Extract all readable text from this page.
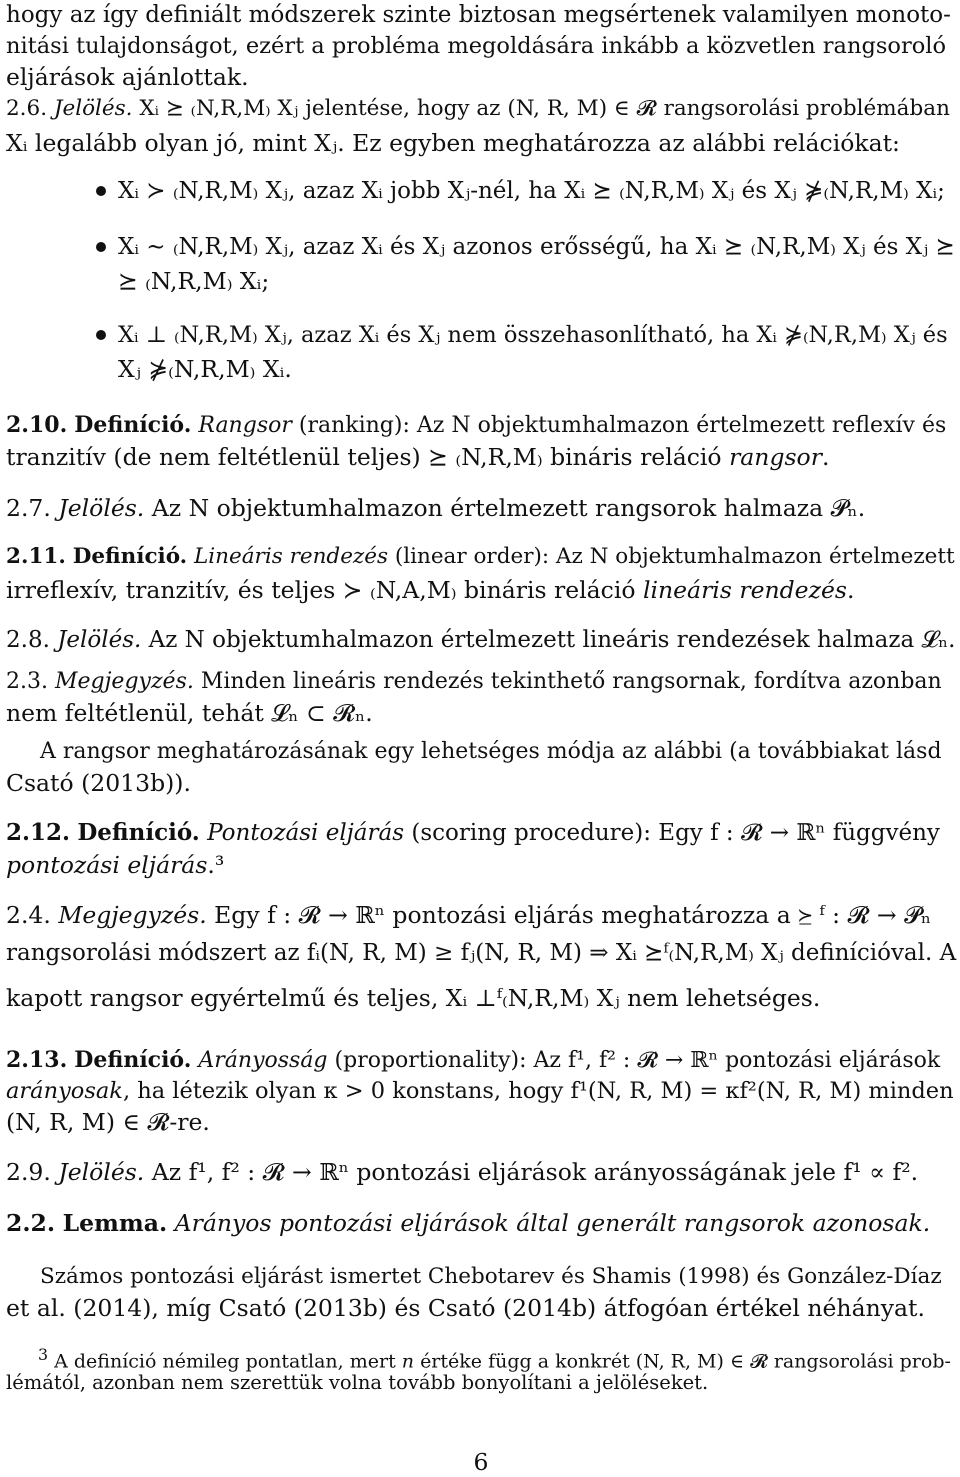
hogy az így definiált módszerek szinte biztosan megsértenek valamilyen monoto-
nitási tulajdonságot, ezért a probléma megoldására inkább a közvetlen rangsoroló
eljárások ajánlottak.
2.6. Jelölés. Xᵢ ⪰ ₍N,R,M₎ Xⱼ jelentése, hogy az (N, R, M) ∈ 𝓡 rangsorolási problémában
Xᵢ legalább olyan jó, mint Xⱼ. Ez egyben meghatározza az alábbi relációkat:
Xᵢ ≻ ₍N,R,M₎ Xⱼ, azaz Xᵢ jobb Xⱼ-nél, ha Xᵢ ⪰ ₍N,R,M₎ Xⱼ és Xⱼ ⋡₍N,R,M₎ Xᵢ;
Xᵢ ∼ ₍N,R,M₎ Xⱼ, azaz Xᵢ és Xⱼ azonos erősségű, ha Xᵢ ⪰ ₍N,R,M₎ Xⱼ és Xⱼ ⪰
⪰ ₍N,R,M₎ Xᵢ;
Xᵢ ⊥ ₍N,R,M₎ Xⱼ, azaz Xᵢ és Xⱼ nem összehasonlítható, ha Xᵢ ⋡₍N,R,M₎ Xⱼ és
Xⱼ ⋡₍N,R,M₎ Xᵢ.
2.10. Definíció. Rangsor (ranking): Az N objektumhalmazon értelmezett reflexív és
tranzitív (de nem feltétlenül teljes) ⪰ ₍N,R,M₎ bináris reláció rangsor.
2.7. Jelölés. Az N objektumhalmazon értelmezett rangsorok halmaza 𝓟ₙ.
2.11. Definíció. Lineáris rendezés (linear order): Az N objektumhalmazon értelmezett
irreflexív, tranzitív, és teljes ≻ ₍N,A,M₎ bináris reláció lineáris rendezés.
2.8. Jelölés. Az N objektumhalmazon értelmezett lineáris rendezések halmaza 𝓛ₙ.
2.3. Megjegyzés. Minden lineáris rendezés tekinthető rangsornak, fordítva azonban
nem feltétlenül, tehát 𝓛ₙ ⊂ 𝓡ₙ.
A rangsor meghatározásának egy lehetséges módja az alábbi (a továbbiakat lásd
Csató (2013b)).
2.12. Definíció. Pontozási eljárás (scoring procedure): Egy f : 𝓡 → ℝⁿ függvény
pontozási eljárás.³
2.4. Megjegyzés. Egy f : 𝓡 → ℝⁿ pontozási eljárás meghatározza a ⪰ ᶠ : 𝓡 → 𝓟ₙ
rangsorolási módszert az fᵢ(N, R, M) ≥ fⱼ(N, R, M) ⇒ Xᵢ ⪰ᶠ₍N,R,M₎ Xⱼ definícióval. A
kapott rangsor egyértelmű és teljes, Xᵢ ⊥ᶠ₍N,R,M₎ Xⱼ nem lehetséges.
2.13. Definíció. Arányosság (proportionality): Az f¹, f² : 𝓡 → ℝⁿ pontozási eljárások
arányosak, ha létezik olyan κ > 0 konstans, hogy f¹(N, R, M) = κf²(N, R, M) minden
(N, R, M) ∈ 𝓡-re.
2.9. Jelölés. Az f¹, f² : 𝓡 → ℝⁿ pontozási eljárások arányosságának jele f¹ ∝ f².
2.2. Lemma. Arányos pontozási eljárások által generált rangsorok azonosak.
Számos pontozási eljárást ismertet Chebotarev és Shamis (1998) és González-Díaz
et al. (2014), míg Csató (2013b) és Csató (2014b) átfogóan értékel néhányat.
$^3$ A definíció némileg pontatlan, mert n értéke függ a konkrét (N, R, M) ∈ 𝓡 rangsorolási prob-
lémától, azonban nem szerettük volna tovább bonyolítani a jelöléseket.
6
